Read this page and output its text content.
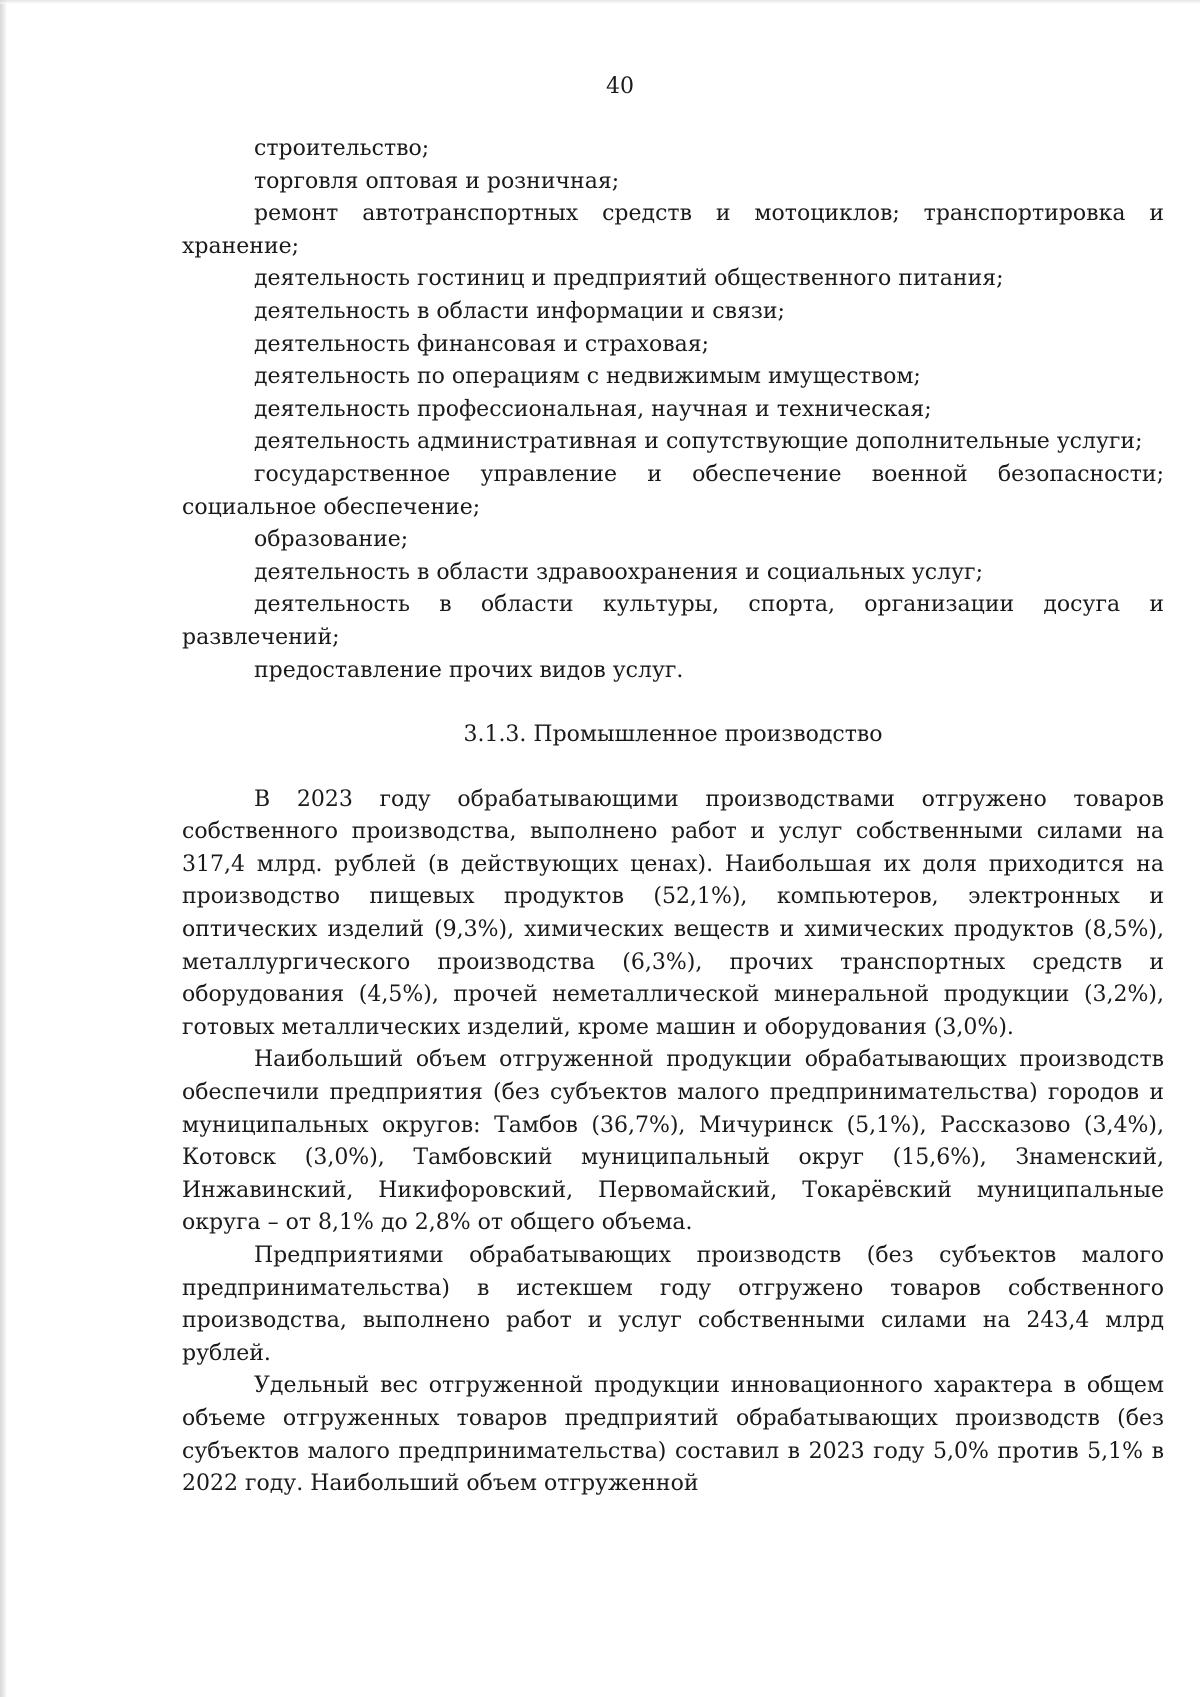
40

строительство;

торговля оптовая и розничная;

ремонт автотранспортных средств и мотоциклов; транспортировка и хранение;

деятельность гостиниц и предприятий общественного питания;

деятельность в области информации и связи;

деятельность финансовая и страховая;

деятельность по операциям с недвижимым имуществом;

деятельность профессиональная, научная и техническая;

деятельность административная и сопутствующие дополнительные услуги;

государственное управление и обеспечение военной безопасности; социальное обеспечение;

образование;

деятельность в области здравоохранения и социальных услуг;

деятельность в области культуры, спорта, организации досуга и развлечений;

предоставление прочих видов услуг.

3.1.3. Промышленное производство

В 2023 году обрабатывающими производствами отгружено товаров собственного производства, выполнено работ и услуг собственными силами на 317,4 млрд. рублей (в действующих ценах). Наибольшая их доля приходится на производство пищевых продуктов (52,1%), компьютеров, электронных и оптических изделий (9,3%), химических веществ и химических продуктов (8,5%), металлургического производства (6,3%), прочих транспортных средств и оборудования (4,5%), прочей неметаллической минеральной продукции (3,2%), готовых металлических изделий, кроме машин и оборудования (3,0%).

Наибольший объем отгруженной продукции обрабатывающих производств обеспечили предприятия (без субъектов малого предпринимательства) городов и муниципальных округов: Тамбов (36,7%), Мичуринск (5,1%), Рассказово (3,4%), Котовск (3,0%), Тамбовский муниципальный округ (15,6%), Знаменский, Инжавинский, Никифоровский, Первомайский, Токарёвский муниципальные округа – от 8,1% до 2,8% от общего объема.

Предприятиями обрабатывающих производств (без субъектов малого предпринимательства) в истекшем году отгружено товаров собственного производства, выполнено работ и услуг собственными силами на 243,4 млрд рублей.

Удельный вес отгруженной продукции инновационного характера в общем объеме отгруженных товаров предприятий обрабатывающих производств (без субъектов малого предпринимательства) составил в 2023 году 5,0% против 5,1% в 2022 году. Наибольший объем отгруженной
